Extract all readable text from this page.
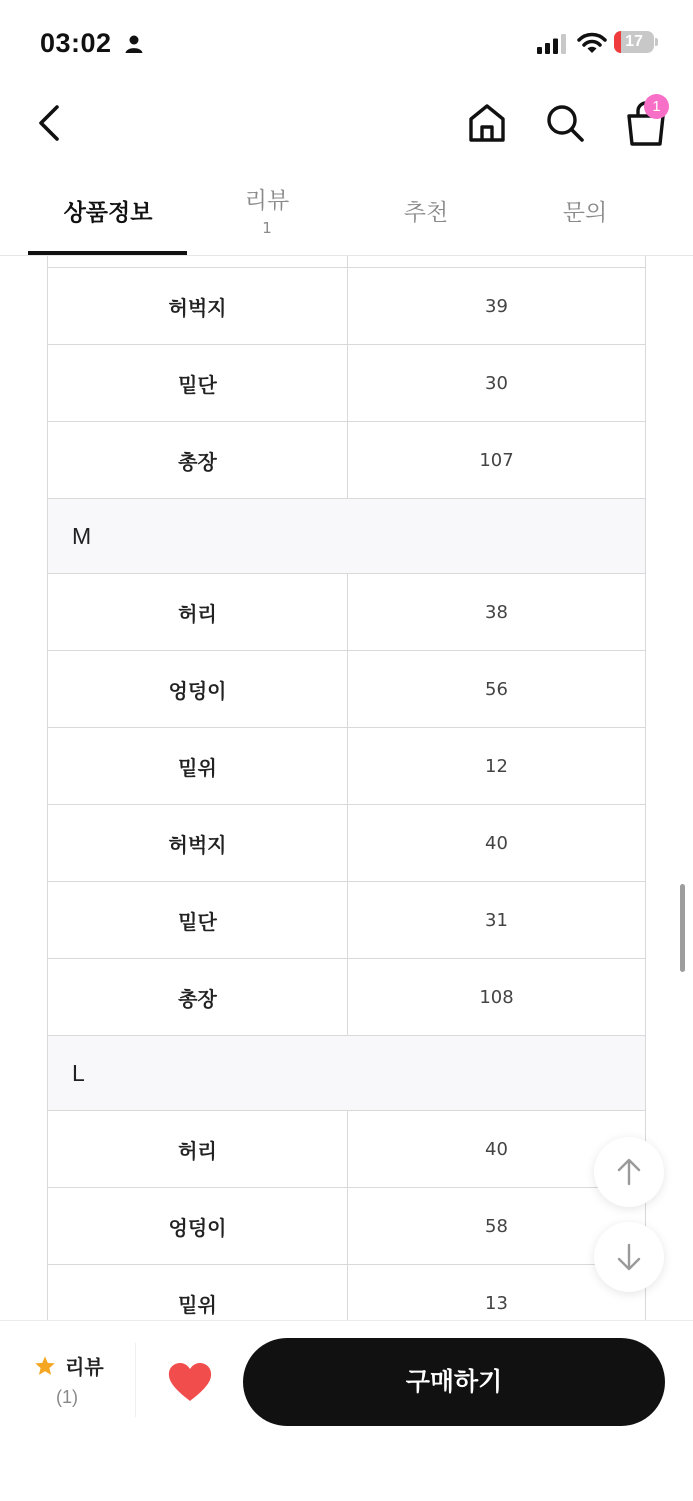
03:02	17
1
상품정보	리뷰
1
추천	문의
허벅지	39
밑단	30
총장	107
M
허리	38
엉덩이	56
밑위	12
허벅지	40
밑단	31
총장	108
L
허리	40
엉덩이	58
밑위	13
리뷰
(1)
구매하기
